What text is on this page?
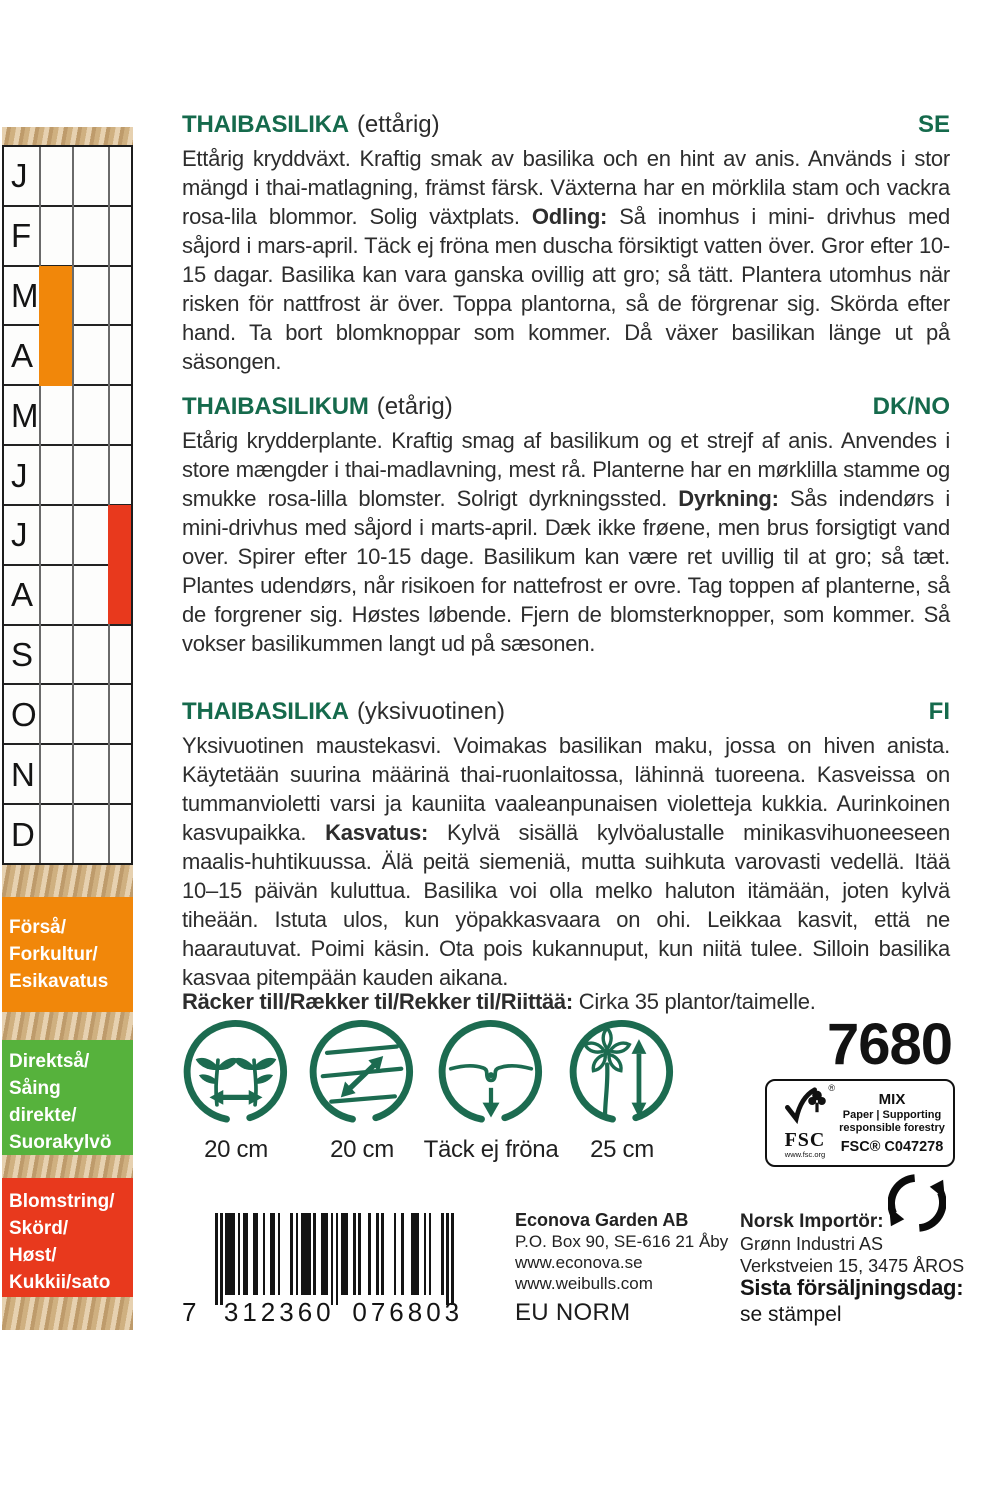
J
F
M
A
M
J
J
A
S
O
N
D
Förså/
Forkultur/
Esikavatus
Direktså/
Såing
direkte/
Suorakylvö
Blomstring/
Skörd/
Høst/
Kukkii/sato
THAIBASILIKA (ettårig)	SE
Ettårig kryddväxt. Kraftig smak av basilika och en hint av anis. Används i stor mängd i thai-matlagning, främst färsk. Växterna har en mörklila stam och vackra rosa-lila blommor. Solig växtplats. Odling: Så inomhus i mini- drivhus med såjord i mars-april. Täck ej fröna men duscha försiktigt vatten över. Gror efter 10-15 dagar. Basilika kan vara ganska ovillig att gro; så tätt. Plantera utomhus när risken för nattfrost är över. Toppa plantorna, så de förgrenar sig. Skörda efter hand. Ta bort blomknoppar som kommer. Då växer basilikan länge ut på säsongen.
THAIBASILIKUM (etårig)	DK/NO
Etårig krydderplante. Kraftig smag af basilikum og et strejf af anis. Anvendes i store mængder i thai-madlavning, mest rå. Planterne har en mørklilla stamme og smukke rosa-lilla blomster. Solrigt dyrkningssted. Dyrkning: Sås indendørs i mini-drivhus med såjord i marts-april. Dæk ikke frøene, men brus forsigtigt vand over. Spirer efter 10-15 dage. Basilikum kan være ret uvillig til at gro; så tæt. Plantes udendørs, når risikoen for nattefrost er ovre. Tag toppen af planterne, så de forgrener sig. Høstes løbende. Fjern de blomsterknopper, som kommer. Så vokser basilikummen langt ud på sæsonen.
THAIBASILIKA (yksivuotinen)	FI
Yksivuotinen maustekasvi. Voimakas basilikan maku, jossa on hiven anista. Käytetään suurina määrinä thai-ruonlaitossa, lähinnä tuoreena. Kasveissa on tummanvioletti varsi ja kauniita vaaleanpunaisen violetteja kukkia. Aurinkoinen kasvupaikka. Kasvatus: Kylvä sisällä kylvöalustalle minikasvihuoneeseen maalis-huhtikuussa. Älä peitä siemeniä, mutta suihkuta varovasti vedellä. Itää 10–15 päivän kuluttua. Basilika voi olla melko haluton itämään, joten kylvä tiheään. Istuta ulos, kun yöpakkasvaara on ohi. Leikkaa kasvit, että ne haarautuvat. Poimi käsin. Ota pois kukannuput, kun niitä tulee. Silloin basilika kasvaa pitempään kauden aikana.
Räcker till/Rækker til/Rekker til/Riittää: Cirka 35 plantor/taimelle.
20 cm	20 cm	Täck ej fröna	25 cm
7680
®
FSC
www.fsc.org
MIX
Paper | Supporting
responsible forestry
FSC® C047278
7	312360 076803
Econova Garden AB
P.O. Box 90, SE-616 21 Åby
www.econova.se
www.weibulls.com
EU NORM
Norsk Importör:
Grønn Industri AS
Verkstveien 15, 3475 ÅROS
Sista försäljningsdag:
se stämpel
